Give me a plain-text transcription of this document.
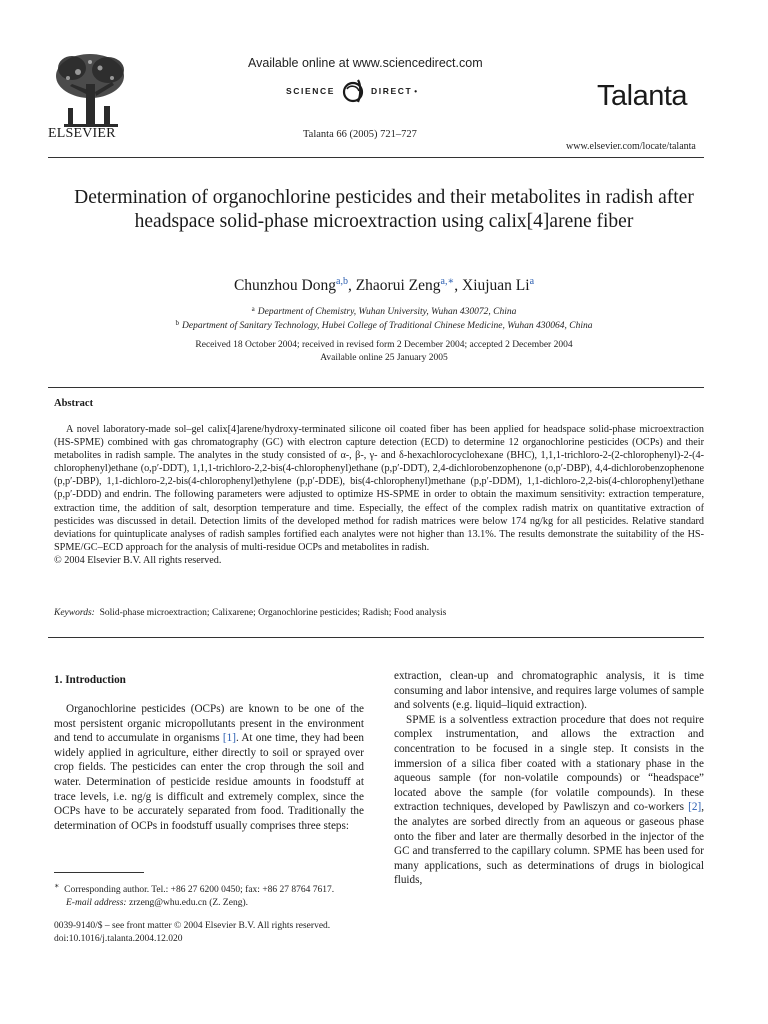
ELSEVIER
Available online at www.sciencedirect.com
SCIENCE	DIRECT •
Talanta 66 (2005) 721–727
Talanta
www.elsevier.com/locate/talanta
Determination of organochlorine pesticides and their metabolites in radish after headspace solid-phase microextraction using calix[4]arene fiber
Chunzhou Dong$^{a,b}$, Zhaorui Zeng$^{a,∗}$, Xiujuan Li$^a$
$^a$ Department of Chemistry, Wuhan University, Wuhan 430072, China
$^b$ Department of Sanitary Technology, Hubei College of Traditional Chinese Medicine, Wuhan 430064, China
Received 18 October 2004; received in revised form 2 December 2004; accepted 2 December 2004
Available online 25 January 2005
Abstract

A novel laboratory-made sol–gel calix[4]arene/hydroxy-terminated silicone oil coated fiber has been applied for headspace solid-phase microextraction (HS-SPME) combined with gas chromatography (GC) with electron capture detection (ECD) to determine 12 organochlorine pesticides (OCPs) and their metabolites in radish sample. The analytes in the study consisted of α-, β-, γ- and δ-hexachlorocyclohexane (BHC), 1,1,1-trichloro-2-(2-chlorophenyl)-2-(4-chlorophenyl)ethane (o,p′-DDT), 1,1,1-trichloro-2,2-bis(4-chlorophenyl)ethane (p,p′-DDT), 2,4-dichlorobenzophenone (o,p′-DBP), 4,4-dichlorobenzophenone (p,p′-DBP), 1,1-dichloro-2,2-bis(4-chlorophenyl)ethylene (p,p′-DDE), bis(4-chlorophenyl)methane (p,p′-DDM), 1,1-dichloro-2,2-bis(4-chlorophenyl)ethane (p,p′-DDD) and endrin. The following parameters were adjusted to optimize HS-SPME in order to obtain the maximum sensitivity: extraction temperature, extraction time, the addition of salt, desorption temperature and time. Especially, the effect of the complex radish matrix on quantitative extraction of pesticides was discussed in detail. Detection limits of the developed method for radish matrices were below 174 ng/kg for all pesticides. Relative standard deviations for quintuplicate analyses of radish samples fortified each analytes were not higher than 13.1%. The results demonstrate the suitability of the HS-SPME/GC–ECD approach for the analysis of multi-residue OCPs and metabolites in radish.

© 2004 Elsevier B.V. All rights reserved.

Keywords: Solid-phase microextraction; Calixarene; Organochlorine pesticides; Radish; Food analysis
1. Introduction

Organochlorine pesticides (OCPs) are known to be one of the most persistent organic micropollutants present in the environment and tend to accumulate in organisms [1]. At one time, they had been widely applied in agriculture, either directly to soil or sprayed over crop fields. The pesticides can enter the crop through the soil and water. Determination of pesticide residue amounts in foodstuff at trace levels, i.e. ng/g is difficult and extremely complex, since the OCPs have to be accurately separated from food. Traditionally the determination of OCPs in foodstuff usually comprises three steps:

extraction, clean-up and chromatographic analysis, it is time consuming and labor intensive, and requires large volumes of sample and solvents (e.g. liquid–liquid extraction).

SPME is a solventless extraction procedure that does not require complex instrumentation, and allows the extraction and concentration to be focused in a single step. It consists in the immersion of a silica fiber coated with a stationary phase in the aqueous sample (for non-volatile compounds) or “headspace” located above the sample (for volatile compounds). In these extraction techniques, developed by Pawliszyn and co-workers [2], the analytes are sorbed directly from an aqueous or gaseous phase onto the fiber and later are thermally desorbed in the injector of the GC and transferred to the capillary column. SPME has been used for many applications, such as determinations of drugs in biological fluids,

∗ Corresponding author. Tel.: +86 27 6200 0450; fax: +86 27 8764 7617.
E-mail address: zrzeng@whu.edu.cn (Z. Zeng).
0039-9140/$ – see front matter © 2004 Elsevier B.V. All rights reserved.
doi:10.1016/j.talanta.2004.12.020
